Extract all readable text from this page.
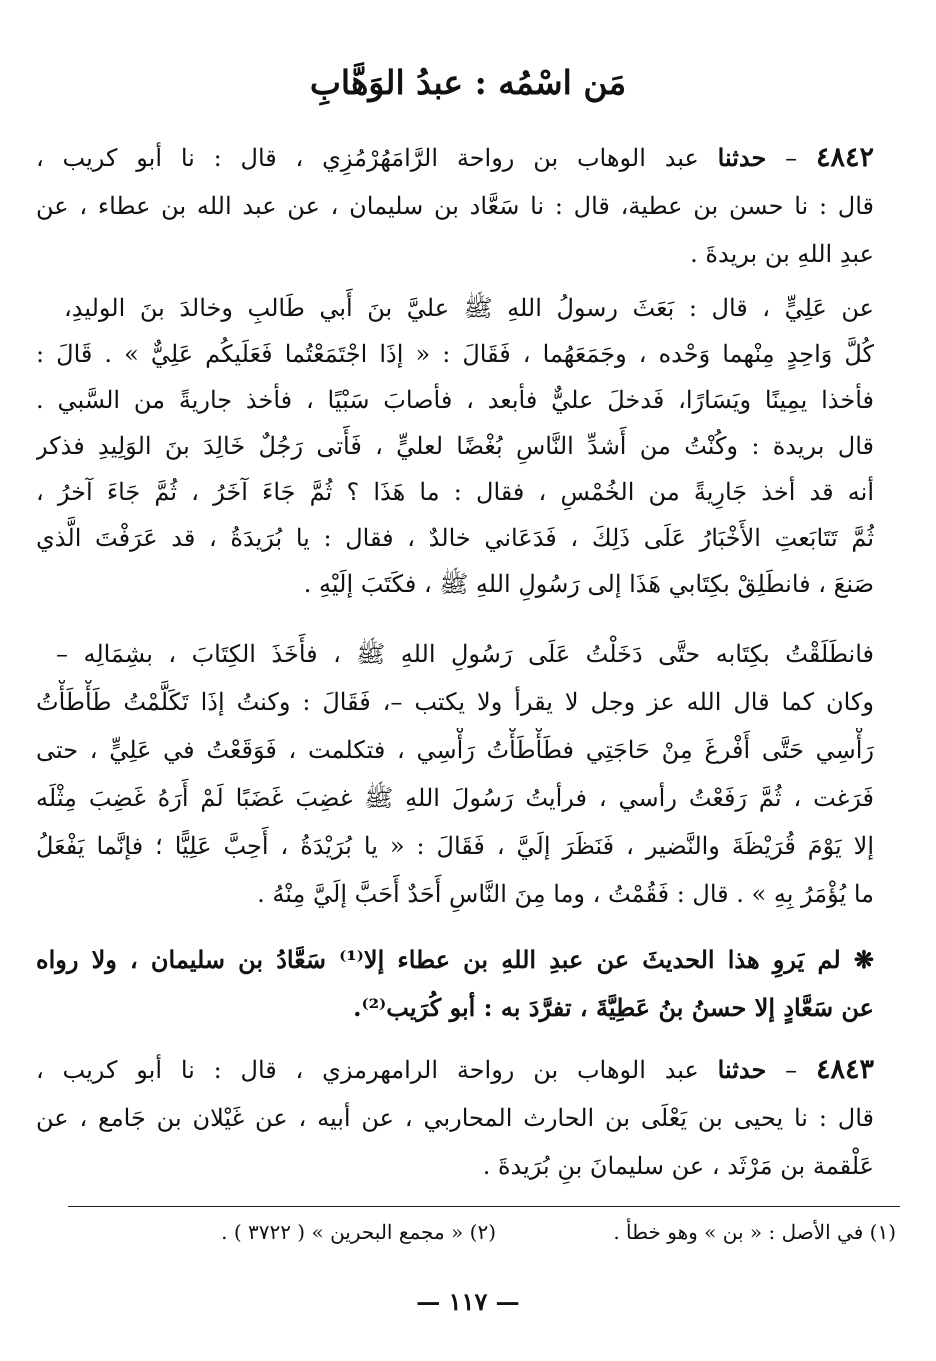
مَن اسْمُه : عبدُ الوَهَّابِ
٤٨٤٢ – حدثنا عبد الوهاب بن رواحة الرَّامَهُرْمُزِي ، قال : نا أبو كريب ،
قال : نا حسن بن عطية، قال : نا سَعَّاد بن سليمان ، عن عبد الله بن عطاء ، عن
عبدِ اللهِ بن بريدةَ .
عن عَلِيٍّ ، قال : بَعَثَ رسولُ اللهِ ﷺ عليَّ بنَ أَبي طَالبِ وخالدَ بنَ الوليدِ،
كُلَّ وَاحِدٍ مِنْهما وَحْده ، وجَمَعَهُما ، فَقَالَ : « إذَا اجْتَمَعْتُما فَعَلَيكُم عَلِيٌّ » . قَالَ :
فأخذا يمِينًا ويَسَارًا، فَدخلَ عليٌّ فأبعد ، فأصابَ سَبْيًا ، فأخذ جاريةً من السَّبي .
قال بريدة : وكُنْتُ من أَشدِّ النَّاسِ بُغْضًا لعليٍّ ، فَأَتى رَجُلٌ خَالِدَ بنَ الوَلِيدِ فذكر
أنه قد أخذ جَارِيةً من الخُمْسِ ، فقال : ما هَذَا ؟ ثُمَّ جَاءَ آخَرُ ، ثُمَّ جَاءَ آخرُ ،
ثُمَّ تَتَابَعتِ الأَخْبَارُ عَلَى ذَلِكَ ، فَدَعَاني خالدٌ ، فقال : يا بُرَيدَةُ ، قد عَرَفْتَ الَّذي
صَنعَ ، فانطَلِقْ بكِتَابي هَذَا إلى رَسُولِ اللهِ ﷺ ، فكَتَبَ إلَيْهِ .
فانطَلَقْتُ بكِتَابه حتَّى دَخَلْتُ عَلَى رَسُولِ اللهِ ﷺ ، فأَخَذَ الكِتَابَ ، بشِمَالِه –
وكان كما قال الله عز وجل لا يقرأ ولا يكتب –، فَقَالَ : وكنتُ إذَا تَكَلَّمْتُ طَأْطَأْتُ
رَأْسِي حَتَّى أَفْرغَ مِنْ حَاجَتِي فطَأْطَأْتُ رَأْسِي ، فتكلمت ، فَوَقَعْتُ في عَلِيٍّ ، حتى
فَرَغت ، ثُمَّ رَفَعْتُ رأسي ، فرأيتُ رَسُولَ اللهِ ﷺ غضِبَ غَضَبًا لَمْ أَرَهُ غَضِبَ مِثْلَه
إلا يَوْمَ قُرَيْظَةَ والنَّضير ، فَنَظَرَ إلَيَّ ، فَقَالَ : « يا بُرَيْدَةُ ، أَحِبَّ عَلِيًّا ؛ فإنَّما يَفْعَلُ
ما يُؤْمَرُ بِهِ » . قال : فَقُمْتُ ، وما مِنَ النَّاسِ أَحَدٌ أَحَبَّ إلَيَّ مِنْهُ .
❋ لم يَروِ هذا الحديثَ عن عبدِ اللهِ بن عطاء إلا⁽¹⁾ سَعَّادُ بن سليمان ، ولا رواه
عن سَعَّادٍ إلا حسنُ بنُ عَطِيَّةَ ، تفرَّدَ به : أبو كُرَيب⁽²⁾.
٤٨٤٣ – حدثنا عبد الوهاب بن رواحة الرامهرمزي ، قال : نا أبو كريب ،
قال : نا يحيى بن يَعْلَى بن الحارث المحاربي ، عن أبيه ، عن غَيْلان بن جَامع ، عن
عَلْقمة بن مَرْثَد ، عن سليمانَ بنِ بُرَيدةَ .
(١) في الأصل : « بن » وهو خطأ .
(٢) « مجمع البحرين » ( ٣٧٢٢ ) .
— ١١٧ —
